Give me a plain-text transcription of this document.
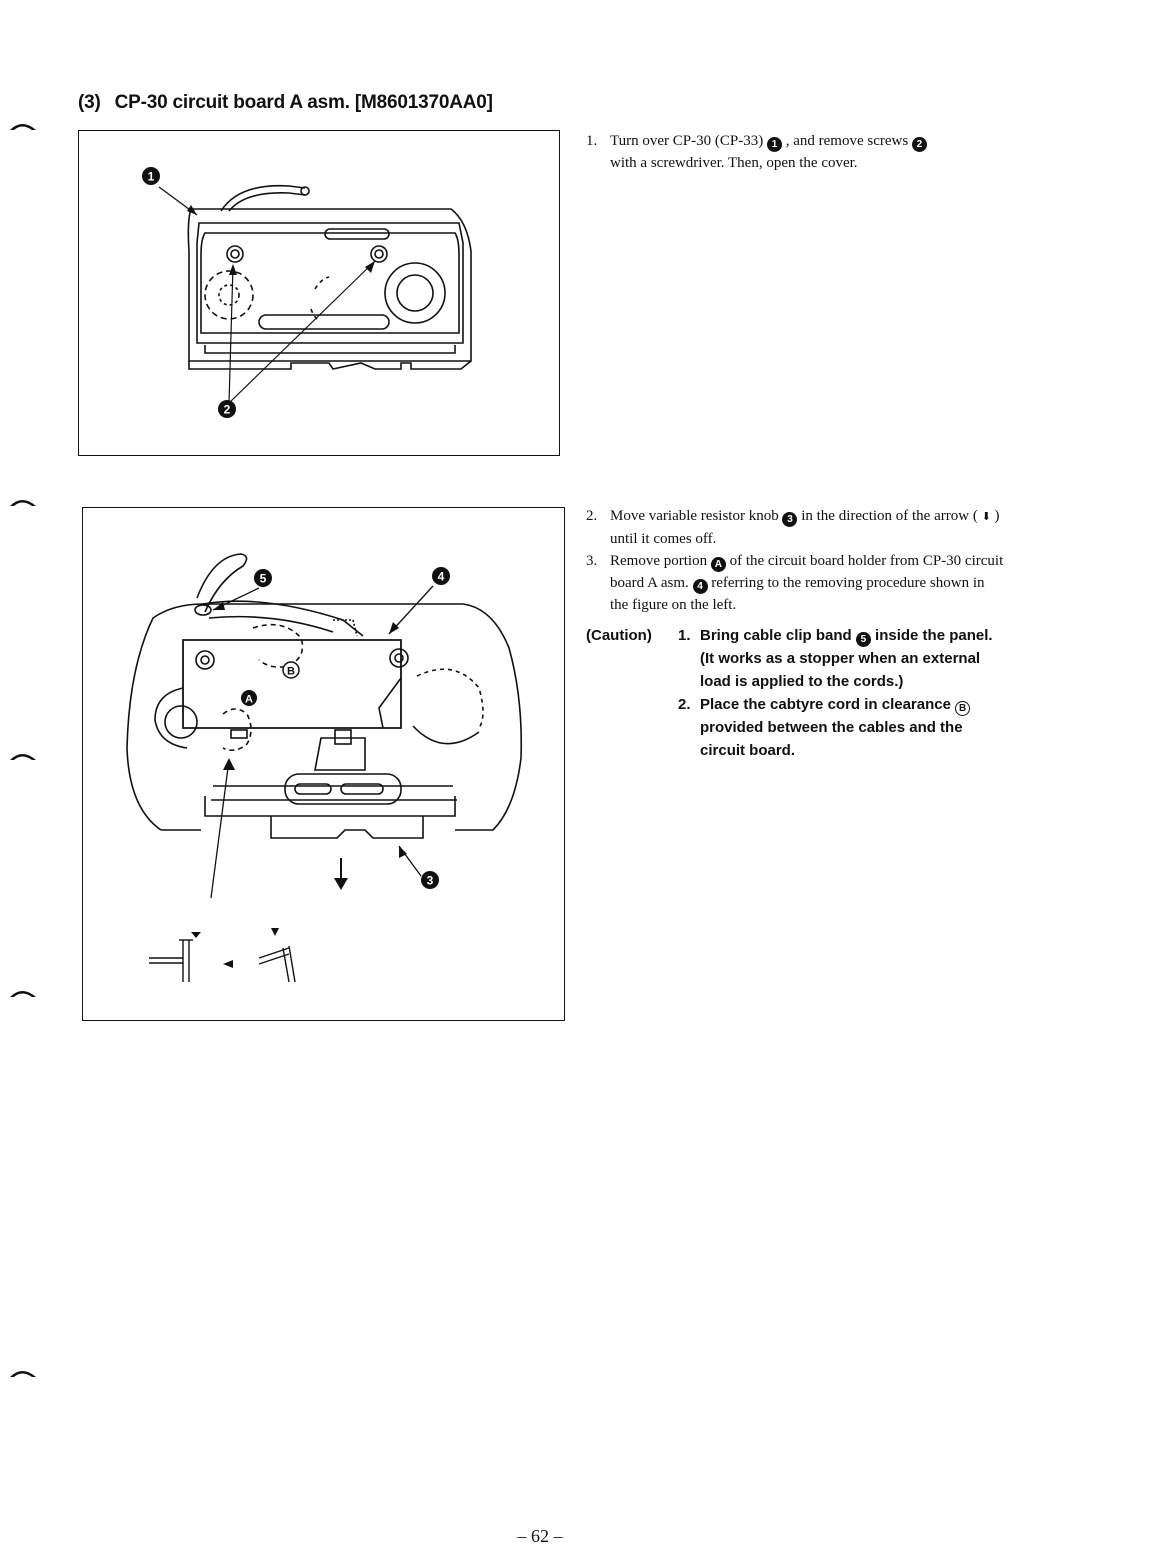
(3) CP-30 circuit board A asm. [M8601370AA0]
1
2
5	4
B
A
3

1. Turn over CP-30 (CP-33) 1 , and remove screws 2
with a screwdriver. Then, open the cover.

2. Move variable resistor knob 3 in the direction of the arrow ( ⬇ ) until it comes off.

3. Remove portion A of the circuit board holder from CP-30 circuit board A asm. 4 referring to the removing procedure shown in the figure on the left.

(Caution) 1. Bring cable clip band 5 inside the panel. (It works as a stopper when an external load is applied to the cords.)
2. Place the cabtyre cord in clearance B provided between the cables and the circuit board.
– 62 –
